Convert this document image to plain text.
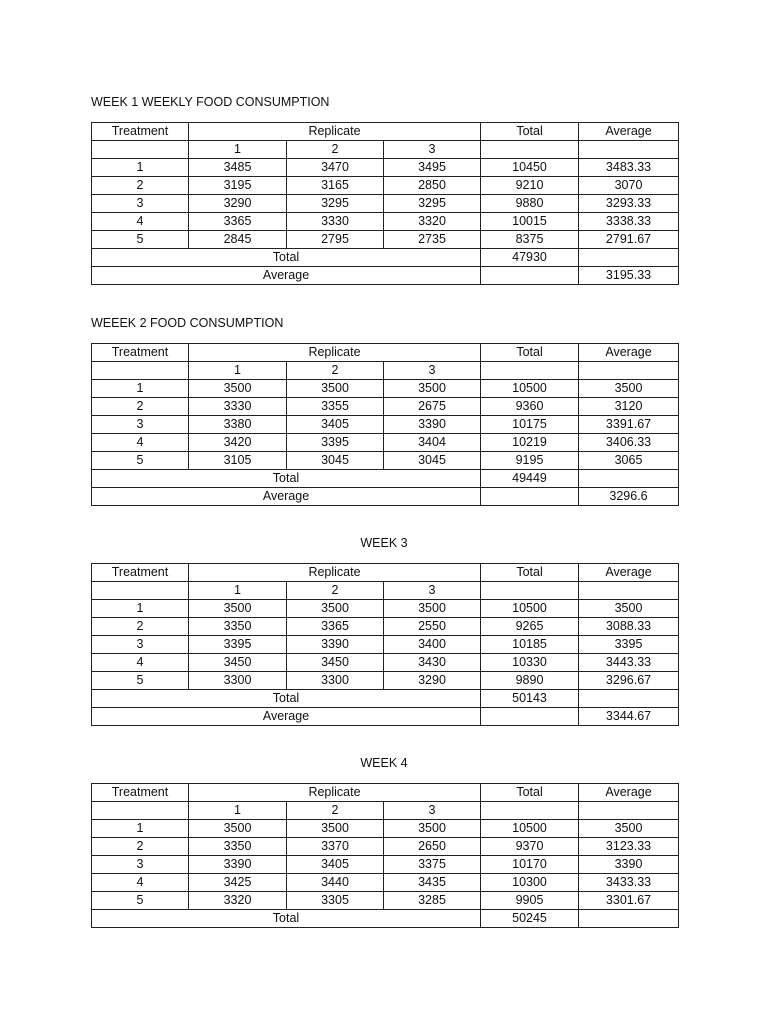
WEEK 1 WEEKLY FOOD CONSUMPTION
Treatment	Replicate			Total	Average
	1	2	3		
1	3485	3470	3495	10450	3483.33
2	3195	3165	2850	9210	3070
3	3290	3295	3295	9880	3293.33
4	3365	3330	3320	10015	3338.33
5	2845	2795	2735	8375	2791.67
Total				47930	
Average					3195.33
WEEEK 2 FOOD CONSUMPTION
Treatment	Replicate			Total	Average
	1	2	3		
1	3500	3500	3500	10500	3500
2	3330	3355	2675	9360	3120
3	3380	3405	3390	10175	3391.67
4	3420	3395	3404	10219	3406.33
5	3105	3045	3045	9195	3065
Total				49449	
Average					3296.6
WEEK 3
Treatment	Replicate			Total	Average
	1	2	3		
1	3500	3500	3500	10500	3500
2	3350	3365	2550	9265	3088.33
3	3395	3390	3400	10185	3395
4	3450	3450	3430	10330	3443.33
5	3300	3300	3290	9890	3296.67
Total				50143	
Average					3344.67
WEEK 4
Treatment	Replicate			Total	Average
	1	2	3		
1	3500	3500	3500	10500	3500
2	3350	3370	2650	9370	3123.33
3	3390	3405	3375	10170	3390
4	3425	3440	3435	10300	3433.33
5	3320	3305	3285	9905	3301.67
Total				50245	
